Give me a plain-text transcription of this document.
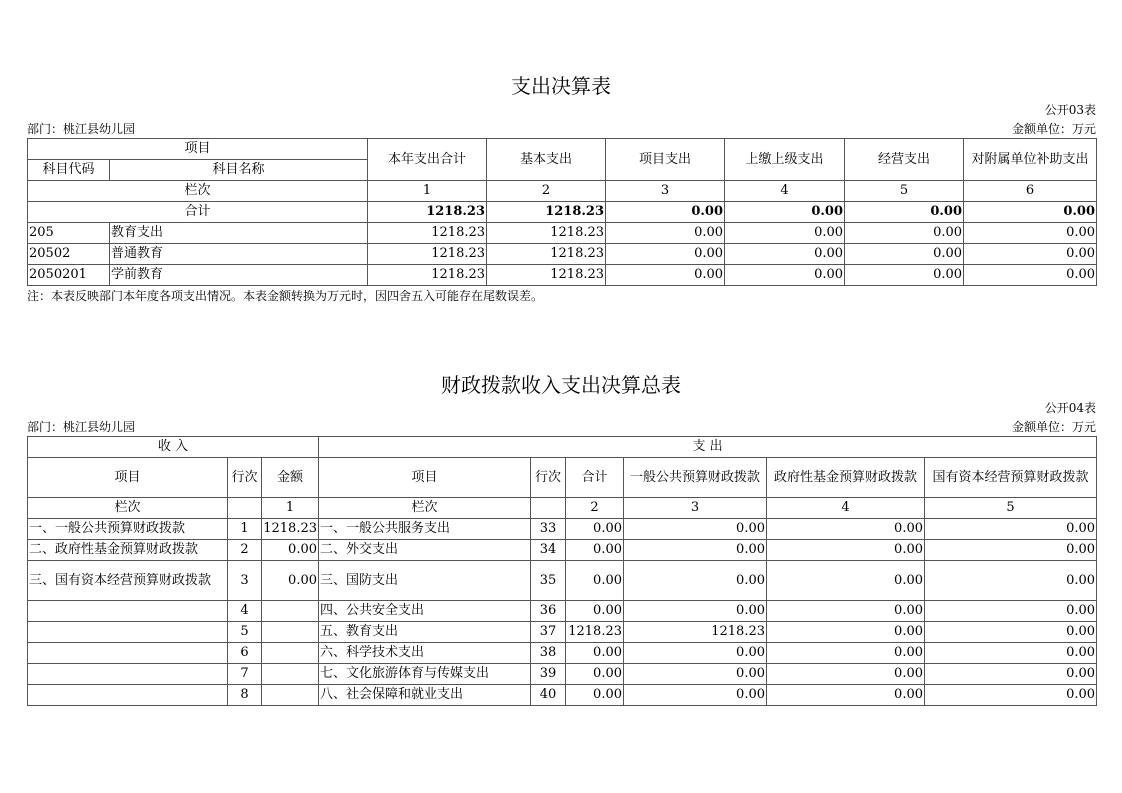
支出决算表
公开03表
部门：桃江县幼儿园	金额单位：万元
项目		本年支出合计	基本支出	项目支出	上缴上级支出	经营支出	对附属单位补助支出
科目代码	科目名称						
栏次		1	2	3	4	5	6
合计		1218.23	1218.23	0.00	0.00	0.00	0.00
205	教育支出	1218.23	1218.23	0.00	0.00	0.00	0.00
20502	普通教育	1218.23	1218.23	0.00	0.00	0.00	0.00
2050201	学前教育	1218.23	1218.23	0.00	0.00	0.00	0.00
注：本表反映部门本年度各项支出情况。本表金额转换为万元时，因四舍五入可能存在尾数误差。
财政拨款收入支出决算总表
公开04表
部门：桃江县幼儿园	金额单位：万元
收 入			支 出					
项目	行次	金额	项目	行次	合计	一般公共预算财政拨款	政府性基金预算财政拨款	国有资本经营预算财政拨款
栏次		1	栏次		2	3	4	5
一、一般公共预算财政拨款	1	1218.23	一、一般公共服务支出	33	0.00	0.00	0.00	0.00
二、政府性基金预算财政拨款	2	0.00	二、外交支出	34	0.00	0.00	0.00	0.00
三、国有资本经营预算财政拨款	3	0.00	三、国防支出	35	0.00	0.00	0.00	0.00
	4		四、公共安全支出	36	0.00	0.00	0.00	0.00
	5		五、教育支出	37	1218.23	1218.23	0.00	0.00
	6		六、科学技术支出	38	0.00	0.00	0.00	0.00
	7		七、文化旅游体育与传媒支出	39	0.00	0.00	0.00	0.00
	8		八、社会保障和就业支出	40	0.00	0.00	0.00	0.00
